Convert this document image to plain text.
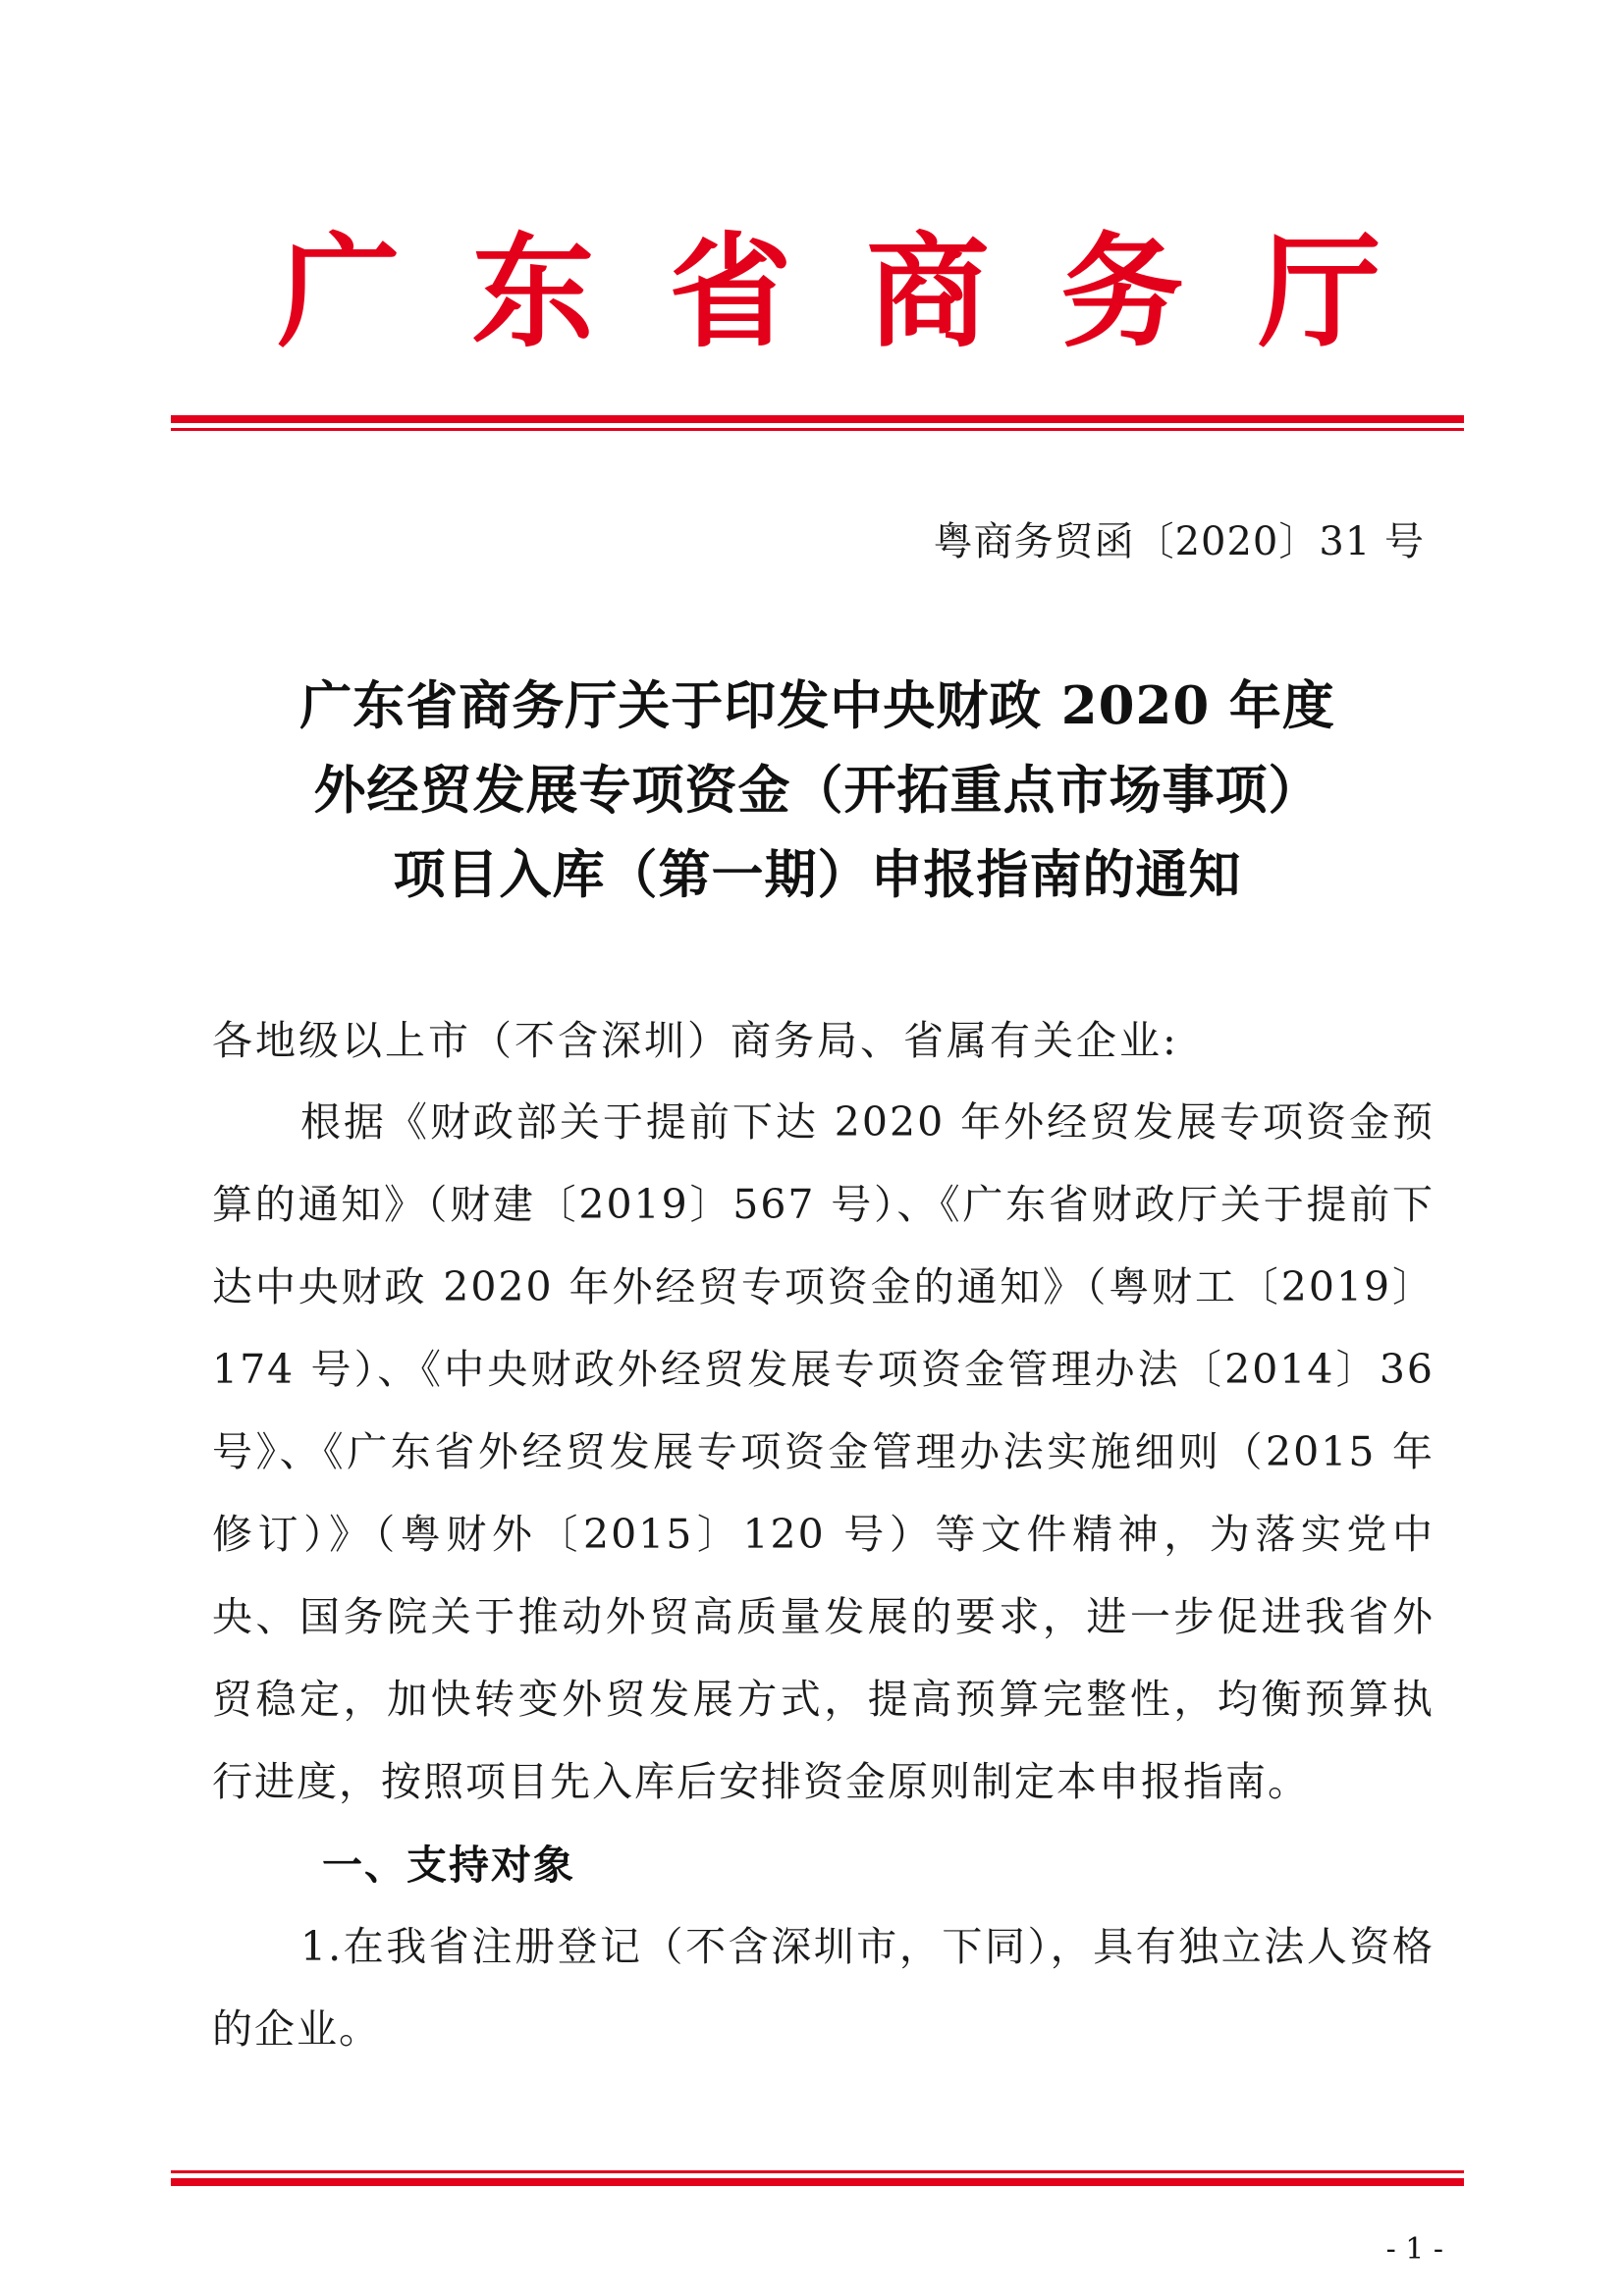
广 东 省 商 务 厅
粤商务贸函〔2020〕31 号
广东省商务厅关于印发中央财政 2020 年度
外经贸发展专项资金（开拓重点市场事项）
项目入库（第一期）申报指南的通知
各地级以上市（不含深圳）商务局、省属有关企业:
根据《财政部关于提前下达 2020 年外经贸发展专项资金预算的通知》（财建〔2019〕567 号）、《广东省财政厅关于提前下达中央财政 2020 年外经贸专项资金的通知》（粤财工〔2019〕174 号）、《中央财政外经贸发展专项资金管理办法〔2014〕36 号》、《广东省外经贸发展专项资金管理办法实施细则（2015 年修订）》（粤财外〔2015〕120 号）等文件精神，为落实党中央、国务院关于推动外贸高质量发展的要求，进一步促进我省外贸稳定，加快转变外贸发展方式，提高预算完整性，均衡预算执行进度，按照项目先入库后安排资金原则制定本申报指南。
一、支持对象
1.在我省注册登记（不含深圳市，下同），具有独立法人资格的企业。
- 1 -
